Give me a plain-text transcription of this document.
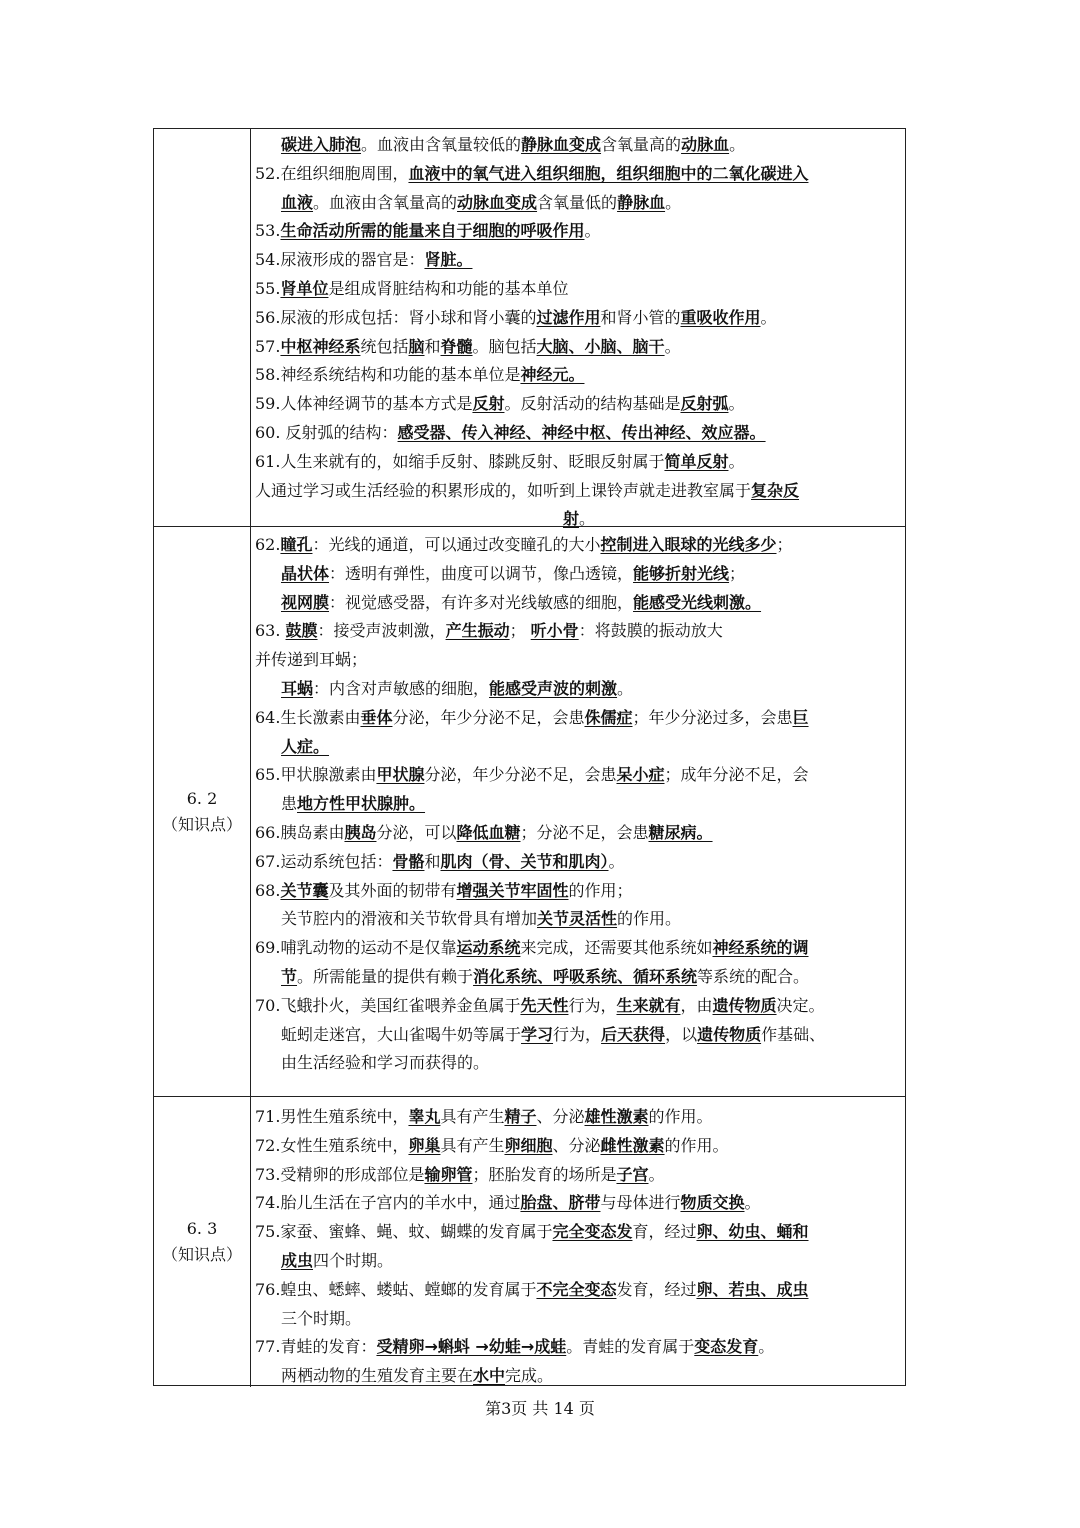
碳进入肺泡。血液由含氧量较低的静脉血变成含氧量高的动脉血。
52.在组织细胞周围，血液中的氧气进入组织细胞，组织细胞中的二氧化碳进入
血液。血液由含氧量高的动脉血变成含氧量低的静脉血。
53.生命活动所需的能量来自于细胞的呼吸作用。
54.尿液形成的器官是：肾脏。
55.肾单位是组成肾脏结构和功能的基本单位
56.尿液的形成包括：肾小球和肾小囊的过滤作用和肾小管的重吸收作用。
57.中枢神经系统包括脑和脊髓。脑包括大脑、小脑、脑干。
58.神经系统结构和功能的基本单位是神经元。
59.人体神经调节的基本方式是反射。反射活动的结构基础是反射弧。
60. 反射弧的结构：感受器、传入神经、神经中枢、传出神经、效应器。
61.人生来就有的，如缩手反射、膝跳反射、眨眼反射属于简单反射。
人通过学习或生活经验的积累形成的，如听到上课铃声就走进教室属于复杂反
射。
6. 2
（知识点）
62.瞳孔：光线的通道，可以通过改变瞳孔的大小控制进入眼球的光线多少；
晶状体：透明有弹性，曲度可以调节，像凸透镜，能够折射光线；
视网膜：视觉感受器，有许多对光线敏感的细胞，能感受光线刺激。
63. 鼓膜：接受声波刺激，产生振动； 听小骨：将鼓膜的振动放大
并传递到耳蜗；
耳蜗：内含对声敏感的细胞，能感受声波的刺激。
64.生长激素由垂体分泌，年少分泌不足，会患侏儒症；年少分泌过多，会患巨
人症。
65.甲状腺激素由甲状腺分泌，年少分泌不足，会患呆小症；成年分泌不足，会
患地方性甲状腺肿。
66.胰岛素由胰岛分泌，可以降低血糖；分泌不足，会患糖尿病。
67.运动系统包括：骨骼和肌肉（骨、关节和肌肉）。
68.关节囊及其外面的韧带有增强关节牢固性的作用；
关节腔内的滑液和关节软骨具有增加关节灵活性的作用。
69.哺乳动物的运动不是仅靠运动系统来完成，还需要其他系统如神经系统的调
节。所需能量的提供有赖于消化系统、呼吸系统、循环系统等系统的配合。
70.飞蛾扑火，美国红雀喂养金鱼属于先天性行为，生来就有，由遗传物质决定。
蚯蚓走迷宫，大山雀喝牛奶等属于学习行为，后天获得，以遗传物质作基础、
由生活经验和学习而获得的。
6. 3
（知识点）
71.男性生殖系统中，睾丸具有产生精子、分泌雄性激素的作用。
72.女性生殖系统中，卵巢具有产生卵细胞、分泌雌性激素的作用。
73.受精卵的形成部位是输卵管；胚胎发育的场所是子宫。
74.胎儿生活在子宫内的羊水中，通过胎盘、脐带与母体进行物质交换。
75.家蚕、蜜蜂、蝇、蚊、蝴蝶的发育属于完全变态发育，经过卵、幼虫、蛹和
成虫四个时期。
76.蝗虫、蟋蟀、蝼蛄、螳螂的发育属于不完全变态发育，经过卵、若虫、成虫
三个时期。
77.青蛙的发育：受精卵→蝌蚪 →幼蛙→成蛙。青蛙的发育属于变态发育。
两栖动物的生殖发育主要在水中完成。
第3页 共 14 页
